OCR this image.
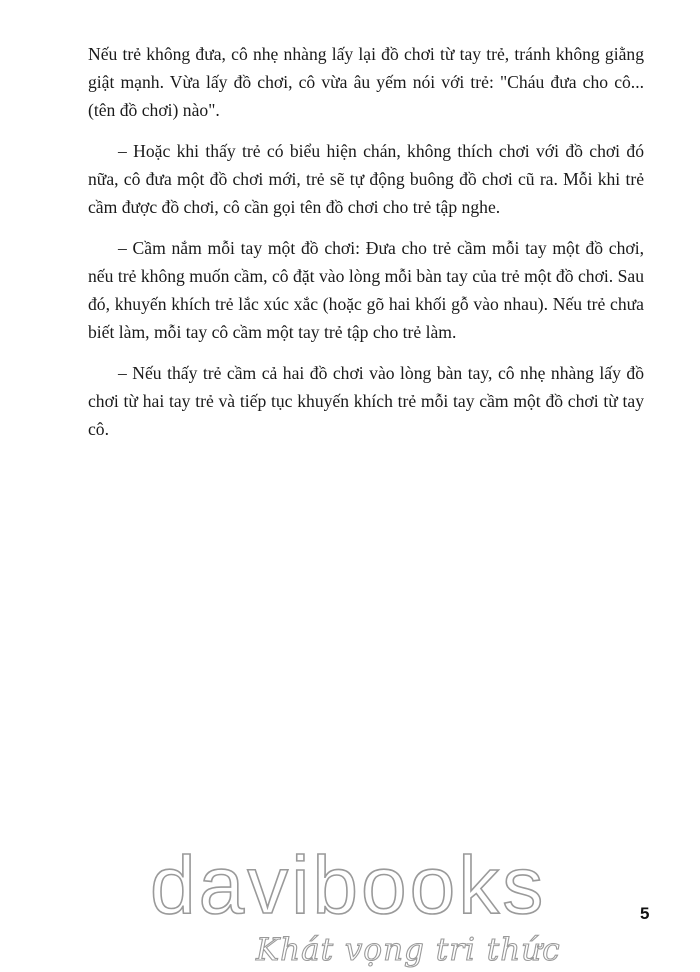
Nếu trẻ không đưa, cô nhẹ nhàng lấy lại đồ chơi từ tay trẻ, tránh không giằng giật mạnh. Vừa lấy đồ chơi, cô vừa âu yếm nói với trẻ: "Cháu đưa cho cô... (tên đồ chơi) nào".

– Hoặc khi thấy trẻ có biểu hiện chán, không thích chơi với đồ chơi đó nữa, cô đưa một đồ chơi mới, trẻ sẽ tự động buông đồ chơi cũ ra. Mỗi khi trẻ cầm được đồ chơi, cô cần gọi tên đồ chơi cho trẻ tập nghe.

– Cầm nắm mỗi tay một đồ chơi: Đưa cho trẻ cầm mỗi tay một đồ chơi, nếu trẻ không muốn cầm, cô đặt vào lòng mỗi bàn tay của trẻ một đồ chơi. Sau đó, khuyến khích trẻ lắc xúc xắc (hoặc gõ hai khối gỗ vào nhau). Nếu trẻ chưa biết làm, mỗi tay cô cầm một tay trẻ tập cho trẻ làm.

– Nếu thấy trẻ cầm cả hai đồ chơi vào lòng bàn tay, cô nhẹ nhàng lấy đồ chơi từ hai tay trẻ và tiếp tục khuyến khích trẻ mỗi tay cầm một đồ chơi từ tay cô.

davibooks
Khát vọng tri thức
5
